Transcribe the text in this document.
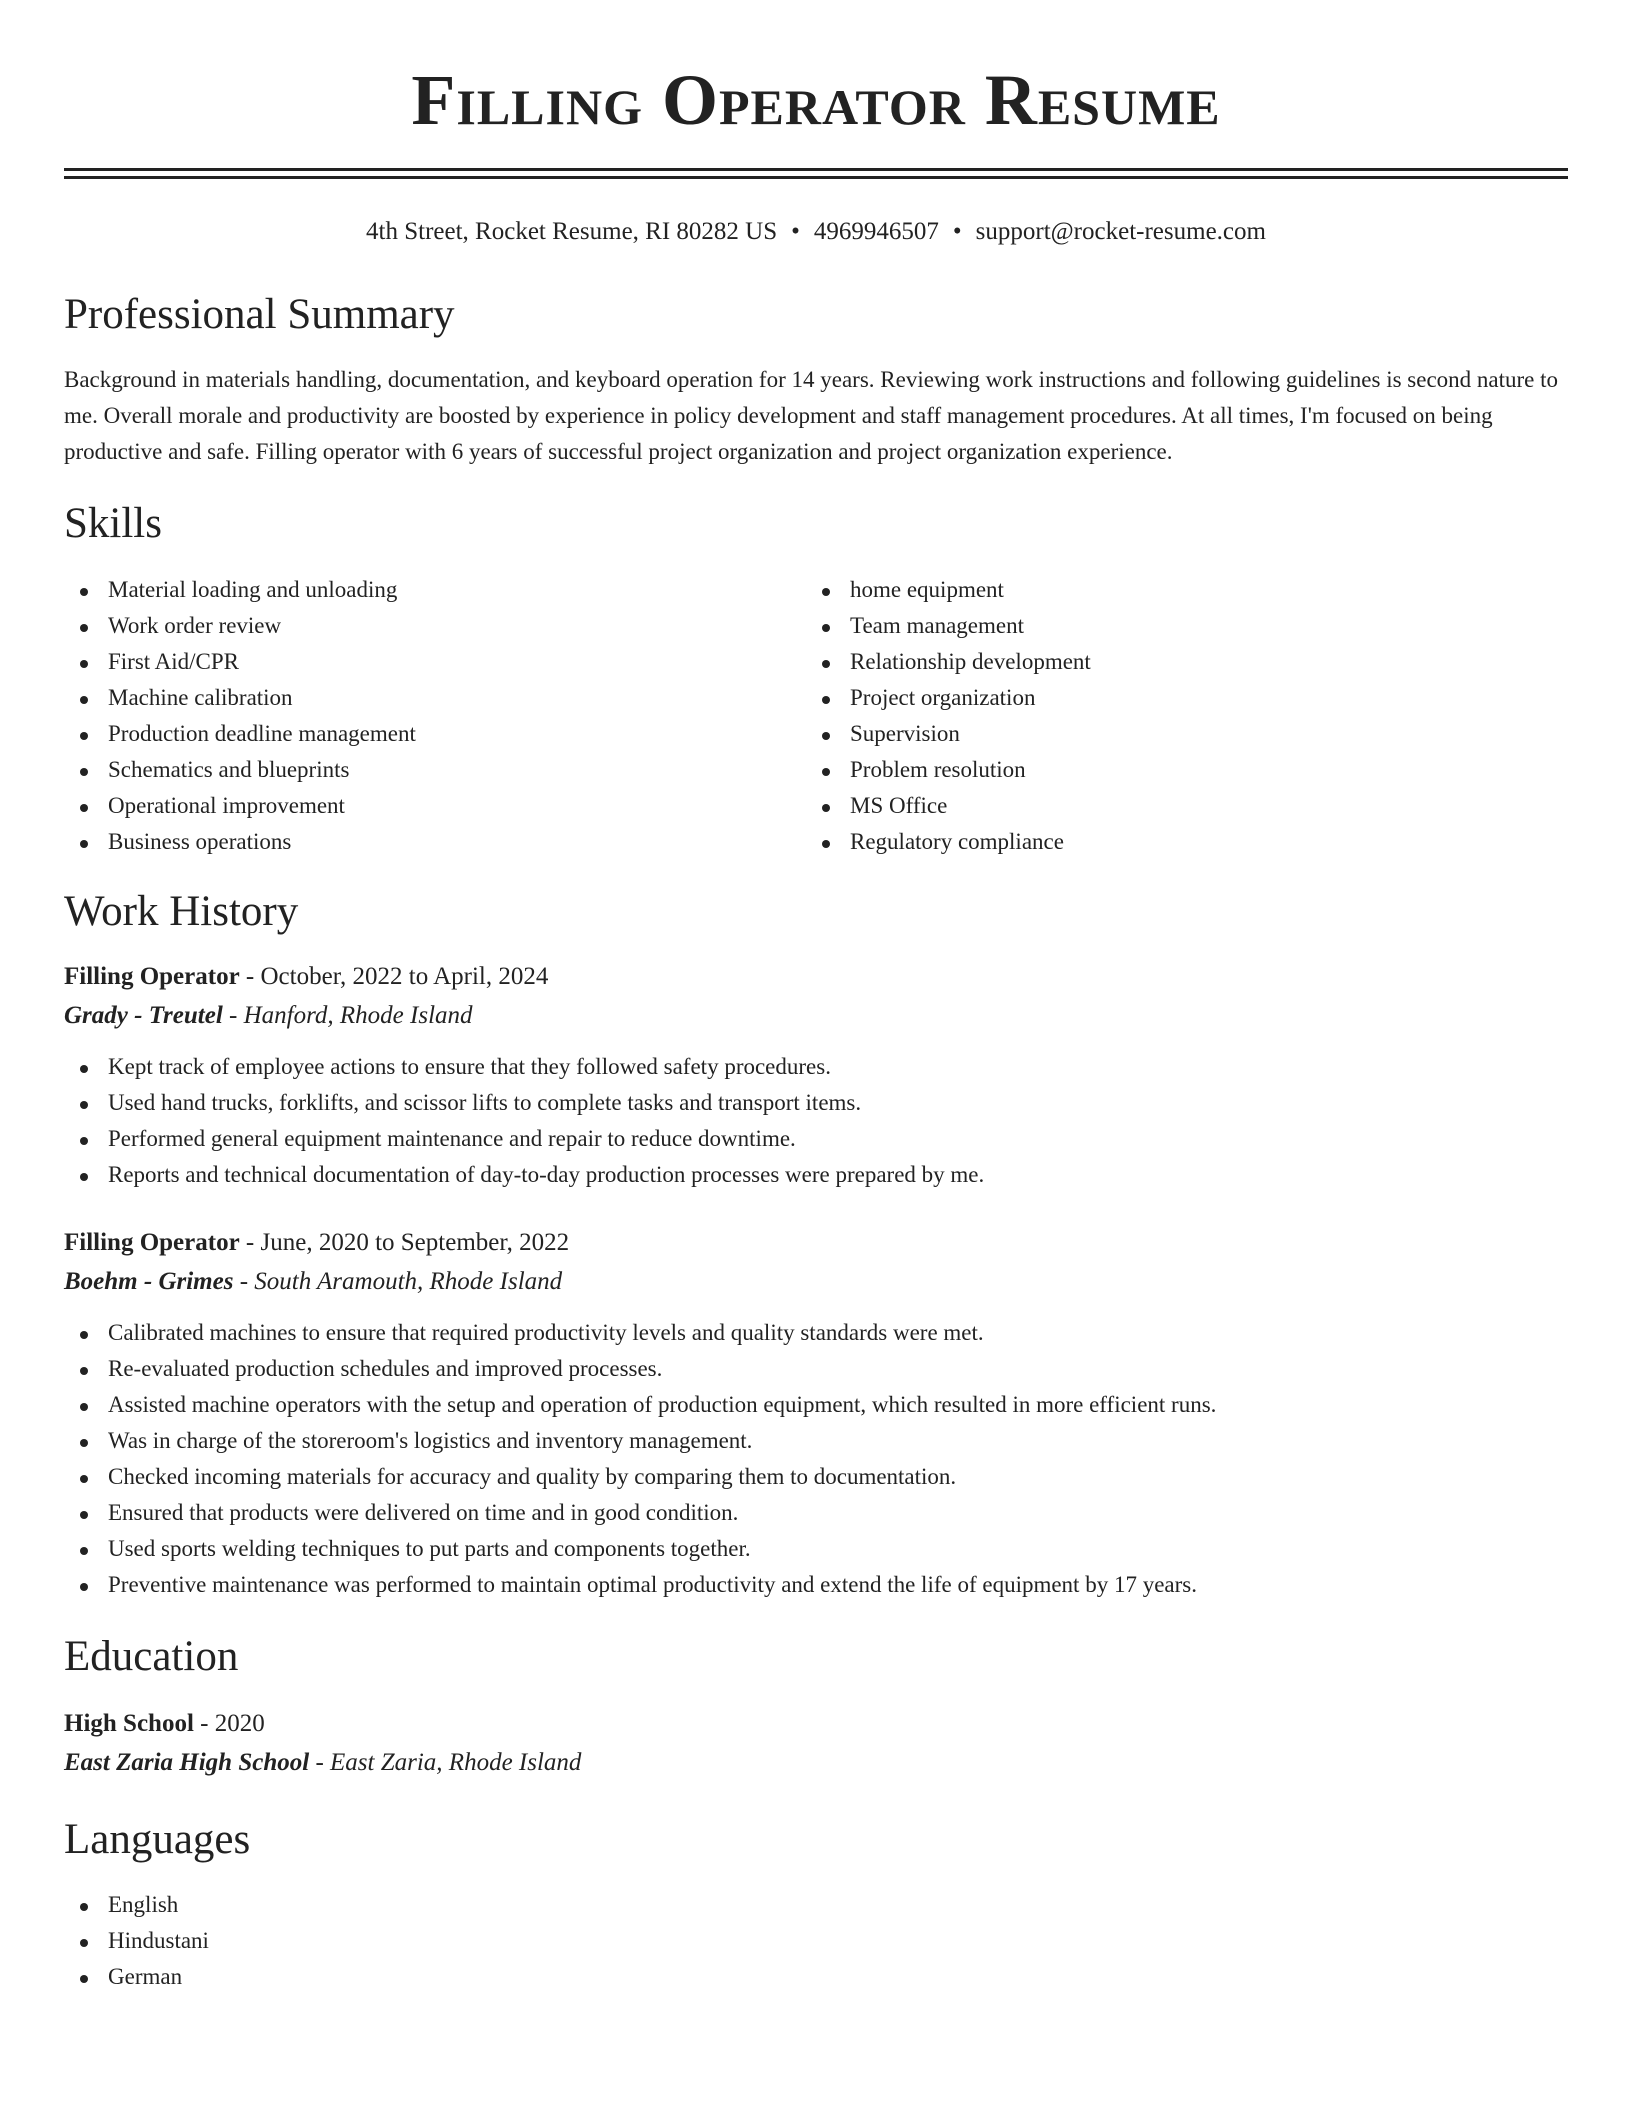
Filling Operator Resume
4th Street, Rocket Resume, RI 80282 US • 4969946507 • support@rocket-resume.com
Professional Summary

Background in materials handling, documentation, and keyboard operation for 14 years. Reviewing work instructions and following guidelines is second nature to me. Overall morale and productivity are boosted by experience in policy development and staff management procedures. At all times, I'm focused on being productive and safe. Filling operator with 6 years of successful project organization and project organization experience.

Skills
Material loading and unloading
Work order review
First Aid/CPR
Machine calibration
Production deadline management
Schematics and blueprints
Operational improvement
Business operations
home equipment
Team management
Relationship development
Project organization
Supervision
Problem resolution
MS Office
Regulatory compliance
Work History
Filling Operator - October, 2022 to April, 2024
Grady - Treutel - Hanford, Rhode Island
Kept track of employee actions to ensure that they followed safety procedures.
Used hand trucks, forklifts, and scissor lifts to complete tasks and transport items.
Performed general equipment maintenance and repair to reduce downtime.
Reports and technical documentation of day-to-day production processes were prepared by me.
Filling Operator - June, 2020 to September, 2022
Boehm - Grimes - South Aramouth, Rhode Island
Calibrated machines to ensure that required productivity levels and quality standards were met.
Re-evaluated production schedules and improved processes.
Assisted machine operators with the setup and operation of production equipment, which resulted in more efficient runs.
Was in charge of the storeroom's logistics and inventory management.
Checked incoming materials for accuracy and quality by comparing them to documentation.
Ensured that products were delivered on time and in good condition.
Used sports welding techniques to put parts and components together.
Preventive maintenance was performed to maintain optimal productivity and extend the life of equipment by 17 years.
Education
High School - 2020
East Zaria High School - East Zaria, Rhode Island
Languages
English
Hindustani
German
